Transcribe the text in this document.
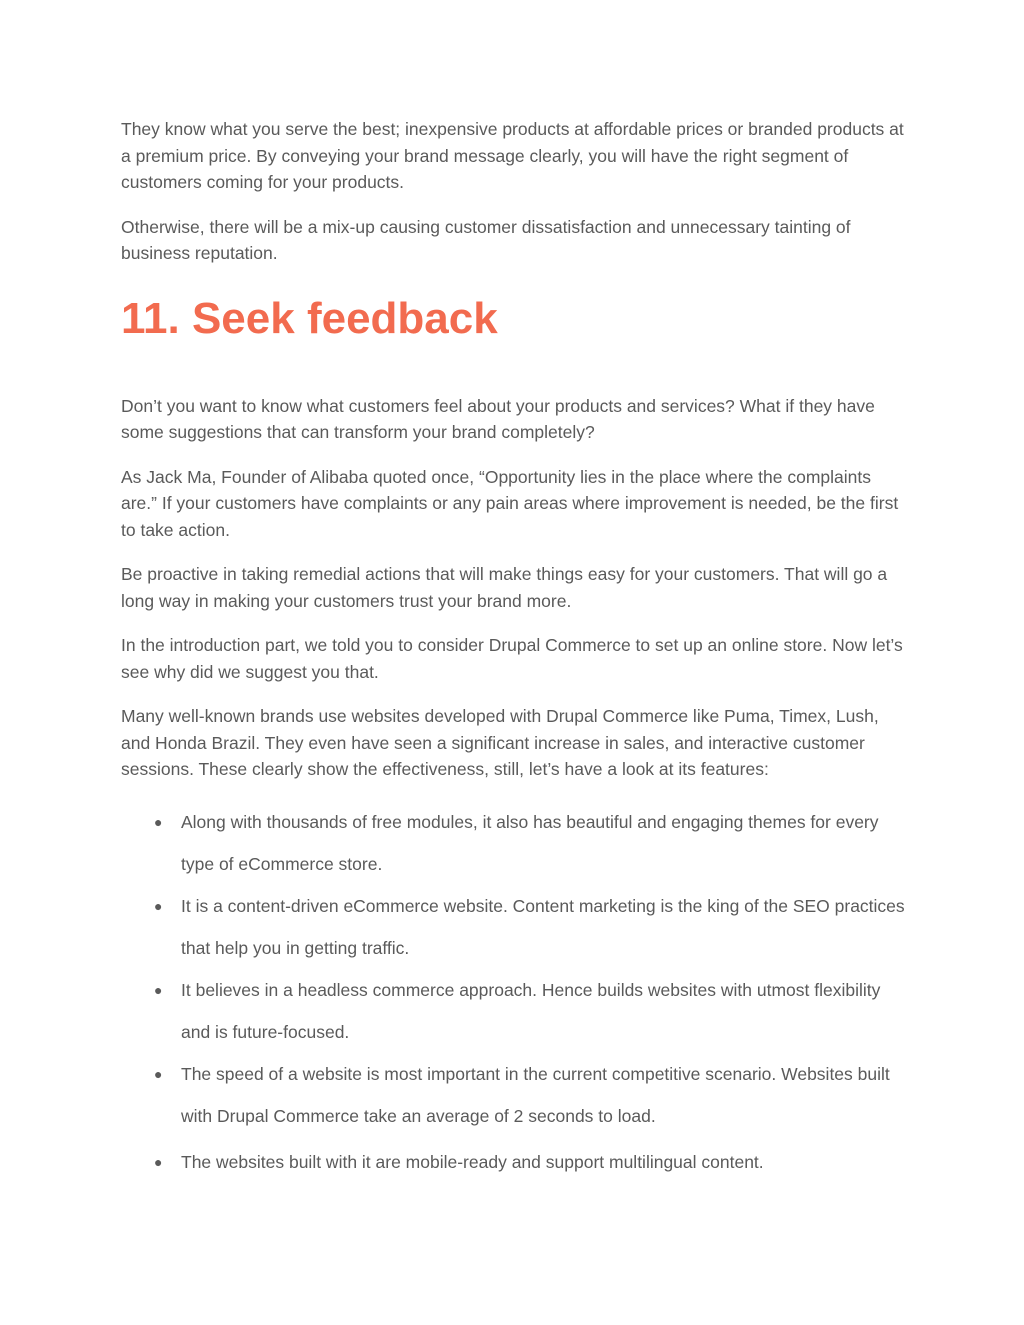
They know what you serve the best; inexpensive products at affordable prices or branded products at a premium price. By conveying your brand message clearly, you will have the right segment of customers coming for your products.

Otherwise, there will be a mix-up causing customer dissatisfaction and unnecessary tainting of business reputation.

11. Seek feedback

Don’t you want to know what customers feel about your products and services? What if they have some suggestions that can transform your brand completely?

As Jack Ma, Founder of Alibaba quoted once, “Opportunity lies in the place where the complaints are.” If your customers have complaints or any pain areas where improvement is needed, be the first to take action.

Be proactive in taking remedial actions that will make things easy for your customers. That will go a long way in making your customers trust your brand more.

In the introduction part, we told you to consider Drupal Commerce to set up an online store. Now let’s see why did we suggest you that.

Many well-known brands use websites developed with Drupal Commerce like Puma, Timex, Lush, and Honda Brazil. They even have seen a significant increase in sales, and interactive customer sessions. These clearly show the effectiveness, still, let’s have a look at its features:

● Along with thousands of free modules, it also has beautiful and engaging themes for every type of eCommerce store.
● It is a content-driven eCommerce website. Content marketing is the king of the SEO practices that help you in getting traffic.
● It believes in a headless commerce approach. Hence builds websites with utmost flexibility and is future-focused.
● The speed of a website is most important in the current competitive scenario. Websites built with Drupal Commerce take an average of 2 seconds to load.
● The websites built with it are mobile-ready and support multilingual content.
